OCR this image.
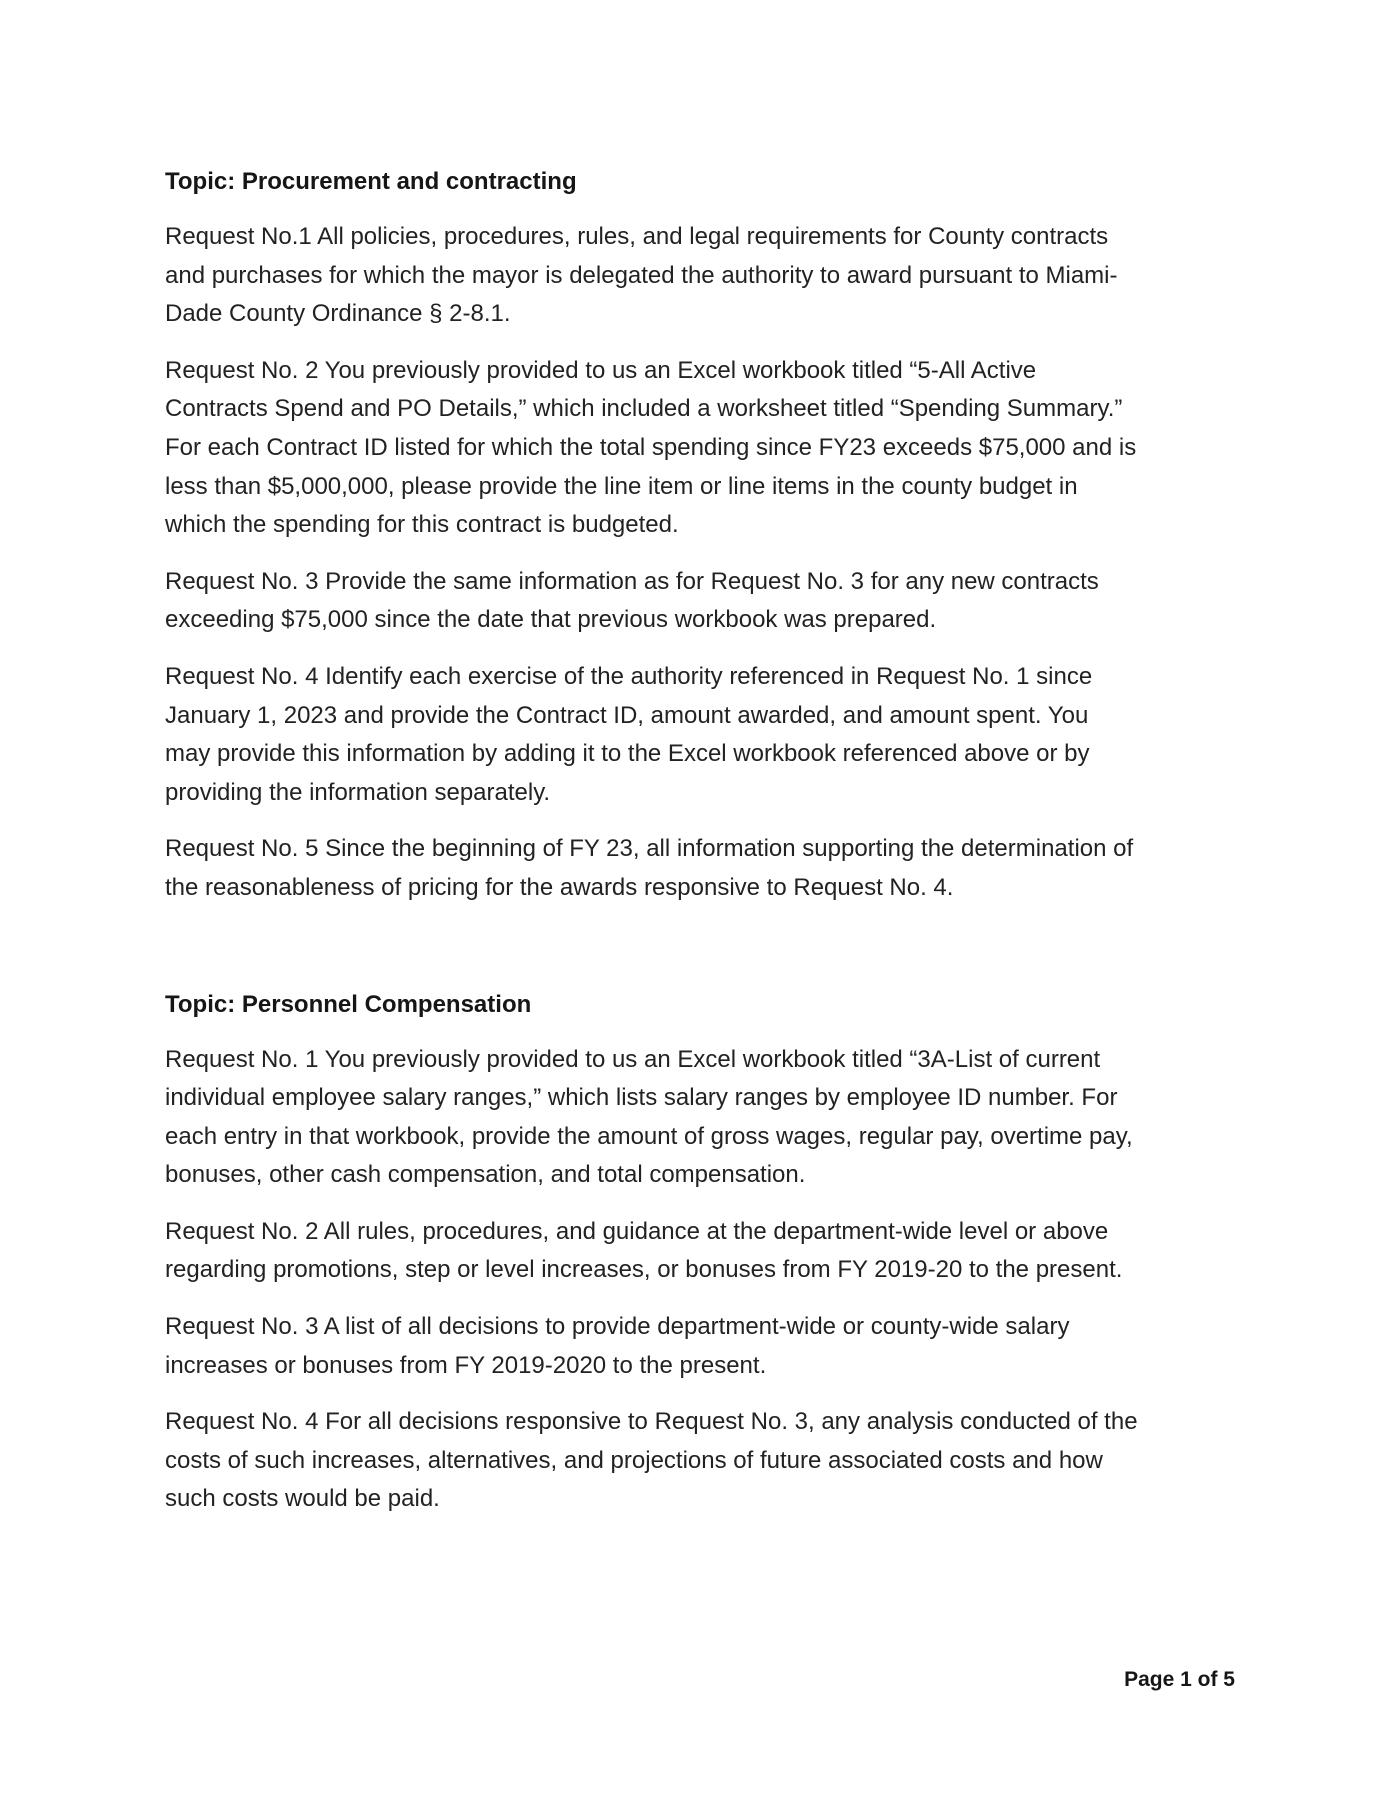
Topic: Procurement and contracting

Request No.1 All policies, procedures, rules, and legal requirements for County contracts
and purchases for which the mayor is delegated the authority to award pursuant to Miami-
Dade County Ordinance § 2-8.1.

Request No. 2 You previously provided to us an Excel workbook titled “5-All Active
Contracts Spend and PO Details,” which included a worksheet titled “Spending Summary.”
For each Contract ID listed for which the total spending since FY23 exceeds $75,000 and is
less than $5,000,000, please provide the line item or line items in the county budget in
which the spending for this contract is budgeted.

Request No. 3 Provide the same information as for Request No. 3 for any new contracts
exceeding $75,000 since the date that previous workbook was prepared.

Request No. 4 Identify each exercise of the authority referenced in Request No. 1 since
January 1, 2023 and provide the Contract ID, amount awarded, and amount spent. You
may provide this information by adding it to the Excel workbook referenced above or by
providing the information separately.

Request No. 5 Since the beginning of FY 23, all information supporting the determination of
the reasonableness of pricing for the awards responsive to Request No. 4.

Topic: Personnel Compensation

Request No. 1 You previously provided to us an Excel workbook titled “3A-List of current
individual employee salary ranges,” which lists salary ranges by employee ID number. For
each entry in that workbook, provide the amount of gross wages, regular pay, overtime pay,
bonuses, other cash compensation, and total compensation.

Request No. 2 All rules, procedures, and guidance at the department-wide level or above
regarding promotions, step or level increases, or bonuses from FY 2019-20 to the present.

Request No. 3 A list of all decisions to provide department-wide or county-wide salary
increases or bonuses from FY 2019-2020 to the present.

Request No. 4 For all decisions responsive to Request No. 3, any analysis conducted of the
costs of such increases, alternatives, and projections of future associated costs and how
such costs would be paid.

Page 1 of 5
